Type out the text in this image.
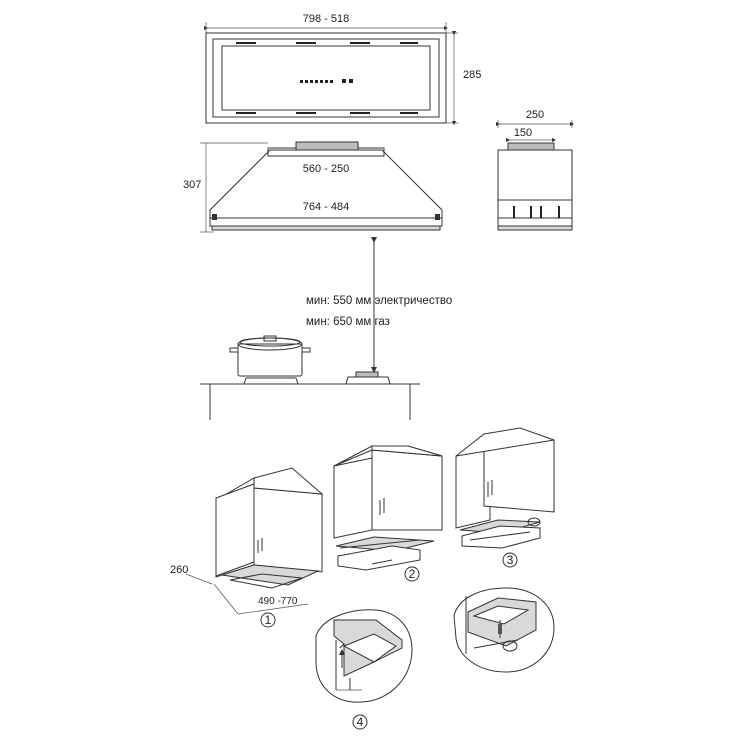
798 - 518
285
307
560 - 250
764 - 484
250
150
мин: 550 мм электричество
мин: 650 мм газ
260
490 -770
1
2
3
4
